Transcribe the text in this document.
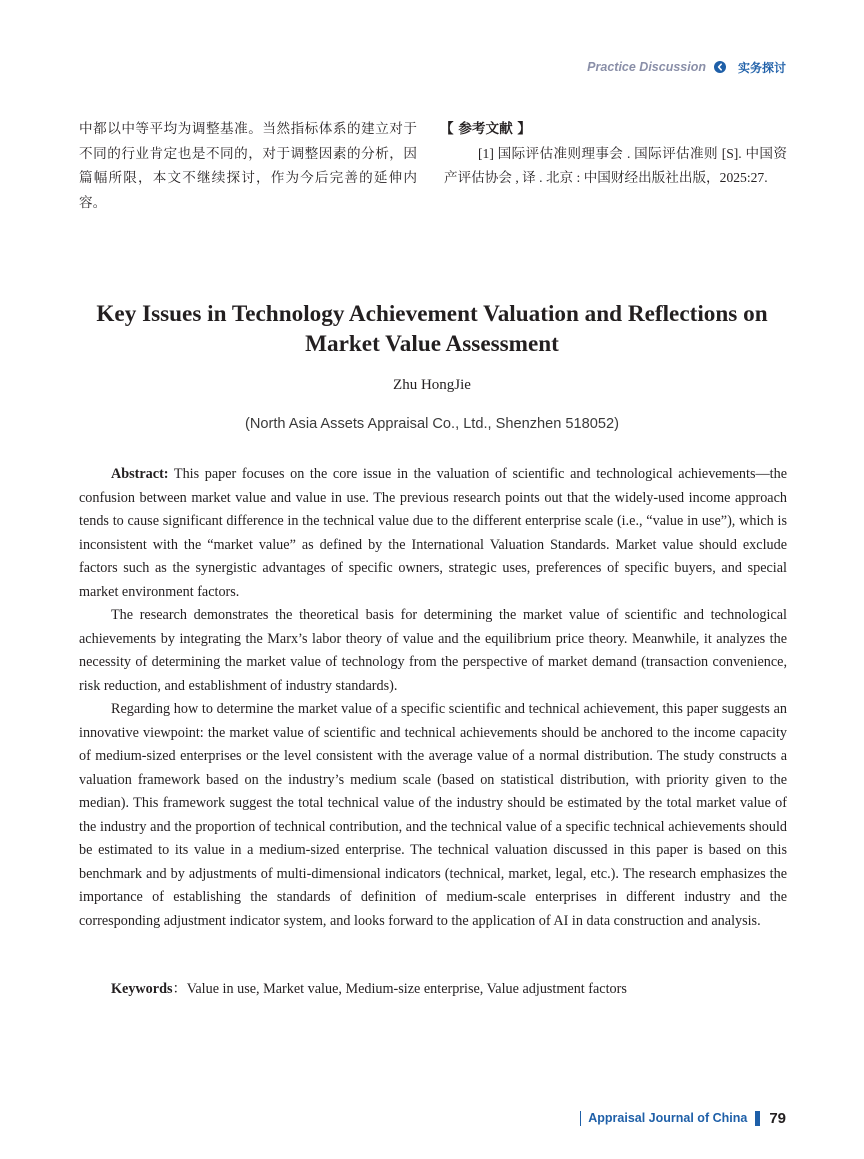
Practice Discussion	实务探讨

中都以中等平均为调整基准。当然指标体系的建立对于不同的行业肯定也是不同的，对于调整因素的分析，因篇幅所限，本文不继续探讨，作为今后完善的延伸内容。

【 参考文献 】

[1] 国际评估准则理事会 . 国际评估准则 [S]. 中国资产评估协会 , 译 . 北京 : 中国财经出版社出版，2025:27.

Key Issues in Technology Achievement Valuation and Reflections on Market Value Assessment
Zhu HongJie
(North Asia Assets Appraisal Co., Ltd., Shenzhen 518052)

Abstract: This paper focuses on the core issue in the valuation of scientific and technological achievements—the confusion between market value and value in use. The previous research points out that the widely-used income approach tends to cause significant difference in the technical value due to the different enterprise scale (i.e., “value in use”), which is inconsistent with the “market value” as defined by the International Valuation Standards. Market value should exclude factors such as the synergistic advantages of specific owners, strategic uses, preferences of specific buyers, and special market environment factors.

The research demonstrates the theoretical basis for determining the market value of scientific and technological achievements by integrating the Marx’s labor theory of value and the equilibrium price theory. Meanwhile, it analyzes the necessity of determining the market value of technology from the perspective of market demand (transaction convenience, risk reduction, and establishment of industry standards).

Regarding how to determine the market value of a specific scientific and technical achievement, this paper suggests an innovative viewpoint: the market value of scientific and technical achievements should be anchored to the income capacity of medium-sized enterprises or the level consistent with the average value of a normal distribution. The study constructs a valuation framework based on the industry’s medium scale (based on statistical distribution, with priority given to the median). This framework suggest the total technical value of the industry should be estimated by the total market value of the industry and the proportion of technical contribution, and the technical value of a specific technical achievements should be estimated to its value in a medium-sized enterprise. The technical valuation discussed in this paper is based on this benchmark and by adjustments of multi-dimensional indicators (technical, market, legal, etc.). The research emphasizes the importance of establishing the standards of definition of medium-scale enterprises in different industry and the corresponding adjustment indicator system, and looks forward to the application of AI in data construction and analysis.

Keywords：Value in use, Market value, Medium-size enterprise, Value adjustment factors
Appraisal Journal of China 79
